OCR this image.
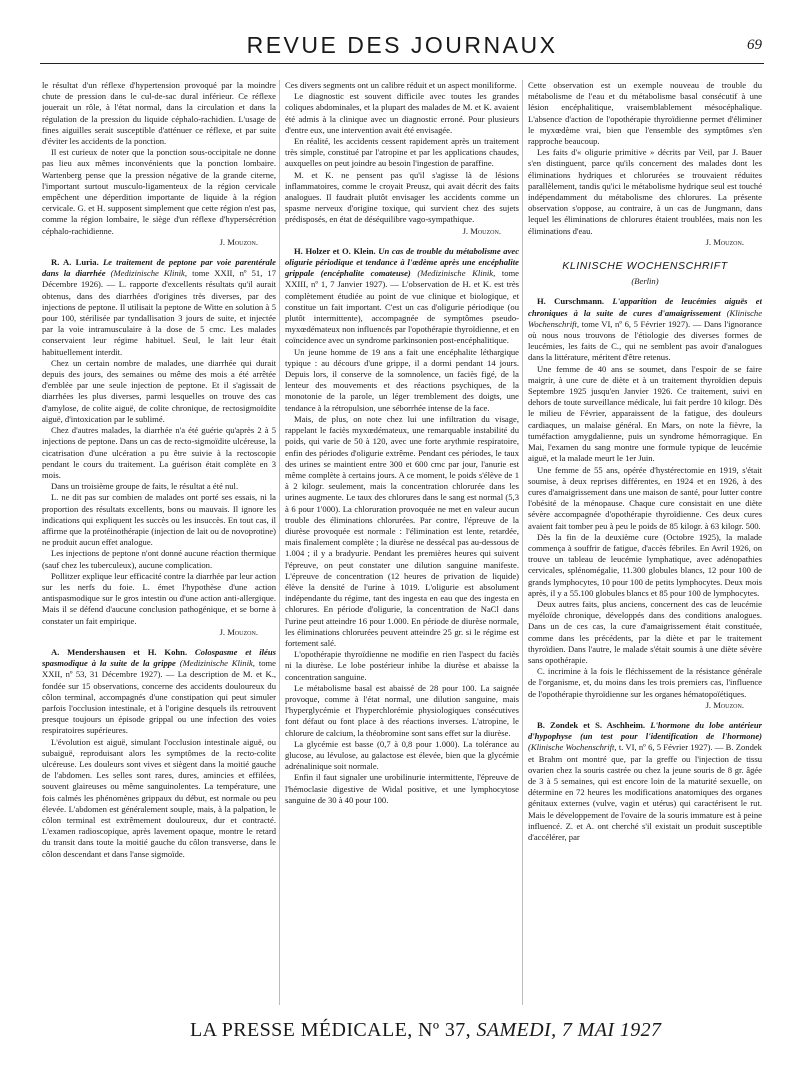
REVUE DES JOURNAUX	69

le résultat d'un réflexe d'hypertension provoqué par la moindre chute de pression dans le cul-de-sac dural inférieur. Ce réflexe jouerait un rôle, à l'état normal, dans la circulation et dans la régulation de la pression du liquide céphalo-rachidien. L'usage de fines aiguilles serait susceptible d'atténuer ce réflexe, et par suite d'éviter les accidents de la ponction.

Il est curieux de noter que la ponction sous-occipitale ne donne pas lieu aux mêmes inconvénients que la ponction lombaire. Wartenberg pense que la pression négative de la grande citerne, l'important surtout musculo-ligamenteux de la région cervicale empêchent une déperdition importante de liquide à la région cervicale. G. et H. supposent simplement que cette région n'est pas, comme la région lombaire, le siège d'un réflexe d'hypersécrétion céphalo-rachidienne.

J. Mouzon.

R. A. Luria. Le traitement de peptone par voie parentérale dans la diarrhée (Medizinische Klinik, tome XXII, nº 51, 17 Décembre 1926). — L. rapporte d'excellents résultats qu'il aurait obtenus, dans des diarrhées d'origines très diverses, par des injections de peptone. Il utilisait la peptone de Witte en solution à 5 pour 100, stérilisée par tyndallisation 3 jours de suite, et injectée par la voie intramusculaire à la dose de 5 cmc. Les malades conservaient leur régime habituel. Seul, le lait leur était habituellement interdit.

Chez un certain nombre de malades, une diarrhée qui durait depuis des jours, des semaines ou même des mois a été arrêtée d'emblée par une seule injection de peptone. Et il s'agissait de diarrhées les plus diverses, parmi lesquelles on trouve des cas d'amylose, de colite aiguë, de colite chronique, de rectosigmoïdite aiguë, d'intoxication par le sublimé.

Chez d'autres malades, la diarrhée n'a été guérie qu'après 2 à 5 injections de peptone. Dans un cas de recto-sigmoïdite ulcéreuse, la cicatrisation d'une ulcération a pu être suivie à la rectoscopie pendant le cours du traitement. La guérison était complète en 3 mois.

Dans un troisième groupe de faits, le résultat a été nul.

L. ne dit pas sur combien de malades ont porté ses essais, ni la proportion des résultats excellents, bons ou mauvais. Il ignore les indications qui expliquent les succès ou les insuccès. En tout cas, il affirme que la protéinothérapie (injection de lait ou de novoprotine) ne produit aucun effet analogue.

Les injections de peptone n'ont donné aucune réaction thermique (sauf chez les tuberculeux), aucune complication.

Pollitzer explique leur efficacité contre la diarrhée par leur action sur les nerfs du foie. L. émet l'hypothèse d'une action antispasmodique sur le gros intestin ou d'une action anti-allergique. Mais il se défend d'aucune conclusion pathogénique, et se borne à constater un fait empirique.

J. Mouzon.

A. Mendershausen et H. Kohn. Colospasme et iléus spasmodique à la suite de la grippe (Medizinische Klinik, tome XXII, nº 53, 31 Décembre 1927). — La description de M. et K., fondée sur 15 observations, concerne des accidents douloureux du côlon terminal, accompagnés d'une constipation qui peut simuler parfois l'occlusion intestinale, et à l'origine desquels ils retrouvent presque toujours un épisode grippal ou une infection des voies respiratoires supérieures.

L'évolution est aiguë, simulant l'occlusion intestinale aiguë, ou subaiguë, reproduisant alors les symptômes de la recto-colite ulcéreuse. Les douleurs sont vives et siègent dans la moitié gauche de l'abdomen. Les selles sont rares, dures, amincies et effilées, souvent glaireuses ou même sanguinolentes. La température, une fois calmés les phénomènes grippaux du début, est normale ou peu élevée. L'abdomen est généralement souple, mais, à la palpation, le côlon terminal est extrêmement douloureux, dur et contracté. L'examen radioscopique, après lavement opaque, montre le retard du transit dans toute la moitié gauche du côlon transverse, dans le côlon descendant et dans l'anse sigmoïde.

Ces divers segments ont un calibre réduit et un aspect moniliforme.

Le diagnostic est souvent difficile avec toutes les grandes coliques abdominales, et la plupart des malades de M. et K. avaient été admis à la clinique avec un diagnostic erroné. Pour plusieurs d'entre eux, une intervention avait été envisagée.

En réalité, les accidents cessent rapidement après un traitement très simple, constitué par l'atropine et par les applications chaudes, auxquelles on peut joindre au besoin l'ingestion de paraffine.

M. et K. ne pensent pas qu'il s'agisse là de lésions inflammatoires, comme le croyait Preusz, qui avait décrit des faits analogues. Il faudrait plutôt envisager les accidents comme un spasme nerveux d'origine toxique, qui survient chez des sujets prédisposés, en état de déséquilibre vago-sympathique.

J. Mouzon.

H. Holzer et O. Klein. Un cas de trouble du métabolisme avec oligurie périodique et tendance à l'œdème après une encéphalite grippale (encéphalite comateuse) (Medizinische Klinik, tome XXIII, nº 1, 7 Janvier 1927). — L'observation de H. et K. est très complètement étudiée au point de vue clinique et biologique, et constitue un fait important. C'est un cas d'oligurie périodique (ou plutôt intermittente), accompagnée de symptômes pseudo-myxœdémateux non influencés par l'opothérapie thyroïdienne, et en coïncidence avec un syndrome parkinsonien post-encéphalitique.

Un jeune homme de 19 ans a fait une encéphalite léthargique typique : au décours d'une grippe, il a dormi pendant 14 jours. Depuis lors, il conserve de la somnolence, un faciès figé, de la lenteur des mouvements et des réactions psychiques, de la monotonie de la parole, un léger tremblement des doigts, une tendance à la rétropulsion, une séborrhée intense de la face.

Mais, de plus, on note chez lui une infiltration du visage, rappelant le faciès myxœdémateux, une remarquable instabilité du poids, qui varie de 50 à 120, avec une forte arythmie respiratoire, enfin des périodes d'oligurie extrême. Pendant ces périodes, le taux des urines se maintient entre 300 et 600 cmc par jour, l'anurie est même complète à certains jours. A ce moment, le poids s'élève de 1 à 2 kilogr. seulement, mais la concentration chlorurée dans les urines augmente. Le taux des chlorures dans le sang est normal (5,3 à 6 pour 1'000). La chloruration provoquée ne met en valeur aucun trouble des éliminations chlorurées. Par contre, l'épreuve de la diurèse provoquée est normale : l'élimination est lente, retardée, mais finalement complète ; la diurèse ne dessécal pas au-dessous de 1.004 ; il y a bradyurie. Pendant les premières heures qui suivent l'épreuve, on peut constater une dilution sanguine manifeste. L'épreuve de concentration (12 heures de privation de liquide) élève la densité de l'urine à 1019. L'oligurie est absolument indépendante du régime, tant des ingesta en eau que des ingesta en chlorures. En période d'oligurie, la concentration de NaCl dans l'urine peut atteindre 16 pour 1.000. En période de diurèse normale, les éliminations chlorurées peuvent atteindre 25 gr. si le régime est fortement salé.

L'opothérapie thyroïdienne ne modifie en rien l'aspect du faciès ni la diurèse. Le lobe postérieur inhibe la diurèse et abaisse la concentration sanguine.

Le métabolisme basal est abaissé de 28 pour 100. La saignée provoque, comme à l'état normal, une dilution sanguine, mais l'hyperglycémie et l'hyperchlorémie physiologiques consécutives font défaut ou font place à des réactions inverses. L'atropine, le chlorure de calcium, la théobromine sont sans effet sur la diurèse.

La glycémie est basse (0,7 à 0,8 pour 1.000). La tolérance au glucose, au lévulose, au galactose est élevée, bien que la glycémie adrénalinique soit normale.

Enfin il faut signaler une urobilinurie intermittente, l'épreuve de l'hémoclasie digestive de Widal positive, et une lymphocytose sanguine de 30 à 40 pour 100.

Cette observation est un exemple nouveau de trouble du métabolisme de l'eau et du métabolisme basal consécutif à une lésion encéphalitique, vraisemblablement mésocéphalique. L'absence d'action de l'opothérapie thyroïdienne permet d'éliminer le myxœdème vrai, bien que l'ensemble des symptômes s'en rapproche beaucoup.

Les faits d'« oligurie primitive » décrits par Veil, par J. Bauer s'en distinguent, parce qu'ils concernent des malades dont les éliminations hydriques et chlorurées se trouvaient réduites parallèlement, tandis qu'ici le métabolisme hydrique seul est touché indépendamment du métabolisme des chlorures. La présente observation s'oppose, au contraire, à un cas de Jungmann, dans lequel les éliminations de chlorures étaient troublées, mais non les éliminations d'eau.

J. Mouzon.

KLINISCHE WOCHENSCHRIFT
(Berlin)

H. Curschmann. L'apparition de leucémies aiguës et chroniques à la suite de cures d'amaigrissement (Klinische Wochenschrift, tome VI, nº 6, 5 Février 1927). — Dans l'ignorance où nous nous trouvons de l'étiologie des diverses formes de leucémies, les faits de C., qui ne semblent pas avoir d'analogues dans la littérature, méritent d'être retenus.

Une femme de 40 ans se soumet, dans l'espoir de se faire maigrir, à une cure de diète et à un traitement thyroïdien depuis Septembre 1925 jusqu'en Janvier 1926. Ce traitement, suivi en dehors de toute surveillance médicale, lui fait perdre 10 kilogr. Dès le milieu de Février, apparaissent de la fatigue, des douleurs cardiaques, un malaise général. En Mars, on note la fièvre, la tuméfaction amygdalienne, puis un syndrome hémorragique. En Mai, l'examen du sang montre une formule typique de leucémie aiguë, et la malade meurt le 1er Juin.

Une femme de 55 ans, opérée d'hystérectomie en 1919, s'était soumise, à deux reprises différentes, en 1924 et en 1926, à des cures d'amaigrissement dans une maison de santé, pour lutter contre l'obésité de la ménopause. Chaque cure consistait en une diète sévère accompagnée d'opothérapie thyroïdienne. Ces deux cures avaient fait tomber peu à peu le poids de 85 kilogr. à 63 kilogr. 500.

Dès la fin de la deuxième cure (Octobre 1925), la malade commença à souffrir de fatigue, d'accès fébriles. En Avril 1926, on trouve un tableau de leucémie lymphatique, avec adénopathies cervicales, splénomégalie, 11.300 globules blancs, 12 pour 100 de grands lymphocytes, 10 pour 100 de petits lymphocytes. Deux mois après, il y a 55.100 globules blancs et 85 pour 100 de lymphocytes.

Deux autres faits, plus anciens, concernent des cas de leucémie myéloïde chronique, développés dans des conditions analogues. Dans un de ces cas, la cure d'amaigrissement était constituée, comme dans les précédents, par la diète et par le traitement thyroïdien. Dans l'autre, le malade s'était soumis à une diète sévère sans opothérapie.

C. incrimine à la fois le fléchissement de la résistance générale de l'organisme, et, du moins dans les trois premiers cas, l'influence de l'opothérapie thyroïdienne sur les organes hématopoïétiques.

J. Mouzon.

B. Zondek et S. Aschheim. L'hormone du lobe antérieur d'hypophyse (un test pour l'identification de l'hormone) (Klinische Wochenschrift, t. VI, nº 6, 5 Février 1927). — B. Zondek et Brahm ont montré que, par la greffe ou l'injection de tissu ovarien chez la souris castrée ou chez la jeune souris de 8 gr. âgée de 3 à 5 semaines, qui est encore loin de la maturité sexuelle, on détermine en 72 heures les modifications anatomiques des organes génitaux externes (vulve, vagin et utérus) qui caractérisent le rut. Mais le développement de l'ovaire de la souris immature est à peine influencé. Z. et A. ont cherché s'il existait un produit susceptible d'accélérer, par

LA PRESSE MÉDICALE, Nº 37, SAMEDI, 7 MAI 1927
